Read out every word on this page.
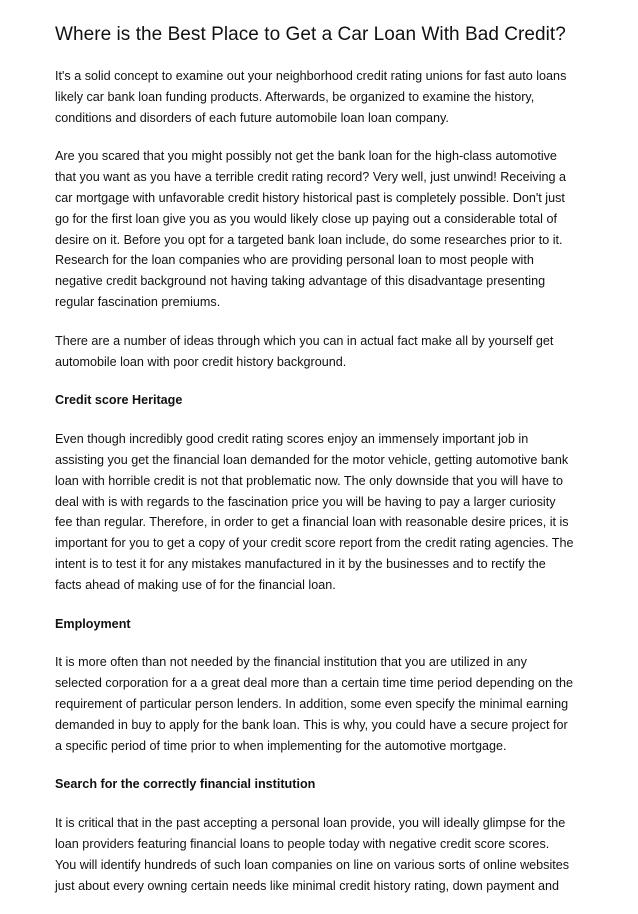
Where is the Best Place to Get a Car Loan With Bad Credit?

It's a solid concept to examine out your neighborhood credit rating unions for fast auto loans
likely car bank loan funding products. Afterwards, be organized to examine the history,
conditions and disorders of each future automobile loan loan company.

Are you scared that you might possibly not get the bank loan for the high-class automotive
that you want as you have a terrible credit rating record? Very well, just unwind! Receiving a
car mortgage with unfavorable credit history historical past is completely possible. Don't just
go for the first loan give you as you would likely close up paying out a considerable total of
desire on it. Before you opt for a targeted bank loan include, do some researches prior to it.
Research for the loan companies who are providing personal loan to most people with
negative credit background not having taking advantage of this disadvantage presenting
regular fascination premiums.

There are a number of ideas through which you can in actual fact make all by yourself get
automobile loan with poor credit history background.

Credit score Heritage

Even though incredibly good credit rating scores enjoy an immensely important job in
assisting you get the financial loan demanded for the motor vehicle, getting automotive bank
loan with horrible credit is not that problematic now. The only downside that you will have to
deal with is with regards to the fascination price you will be having to pay a larger curiosity
fee than regular. Therefore, in order to get a financial loan with reasonable desire prices, it is
important for you to get a copy of your credit score report from the credit rating agencies. The
intent is to test it for any mistakes manufactured in it by the businesses and to rectify the
facts ahead of making use of for the financial loan.

Employment

It is more often than not needed by the financial institution that you are utilized in any
selected corporation for a a great deal more than a certain time time period depending on the
requirement of particular person lenders. In addition, some even specify the minimal earning
demanded in buy to apply for the bank loan. This is why, you could have a secure project for
a specific period of time prior to when implementing for the automotive mortgage.

Search for the correctly financial institution

It is critical that in the past accepting a personal loan provide, you will ideally glimpse for the
loan providers featuring financial loans to people today with negative credit score scores.
You will identify hundreds of such loan companies on line on various sorts of online websites
just about every owning certain needs like minimal credit history rating, down payment and
